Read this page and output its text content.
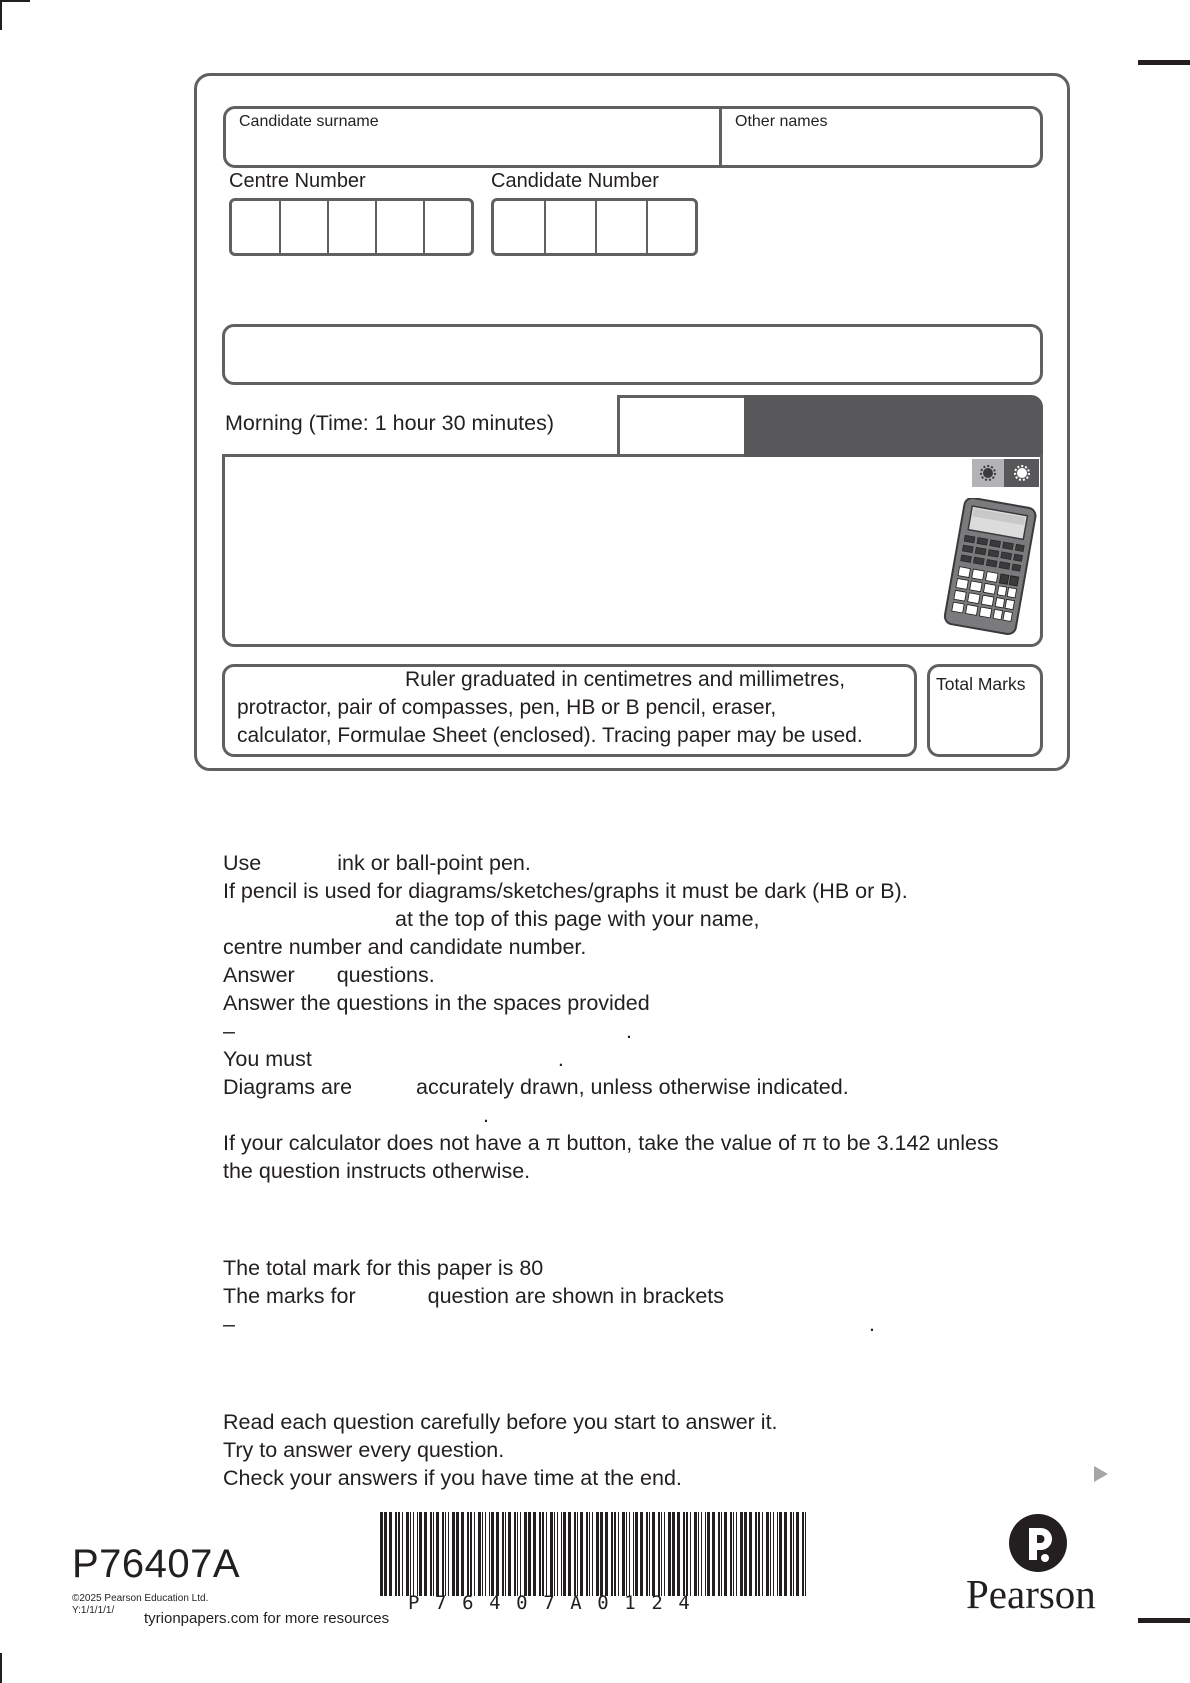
Candidate surname	Other names
Centre Number	Candidate Number
Morning (Time: 1 hour 30 minutes)
Ruler graduated in centimetres and millimetres,
protractor, pair of compasses, pen, HB or B pencil, eraser,
calculator, Formulae Sheet (enclosed). Tracing paper may be used.
Total Marks
Use	ink or ball-point pen.
If pencil is used for diagrams/sketches/graphs it must be dark (HB or B).
at the top of this page with your name,
centre number and candidate number.
Answer questions.
Answer the questions in the spaces provided
–	.
You must	.
Diagrams are	accurately drawn, unless otherwise indicated.
.
If your calculator does not have a π button, take the value of π to be 3.142 unless
the question instructs otherwise.
The total mark for this paper is 80
The marks for	question are shown in brackets
–	.
Read each question carefully before you start to answer it.
Try to answer every question.
Check your answers if you have time at the end.
P76407A
©2025 Pearson Education Ltd.
Y:1/1/1/1/ tyrionpapers.com for more resources
P76407A0124	Pearson
